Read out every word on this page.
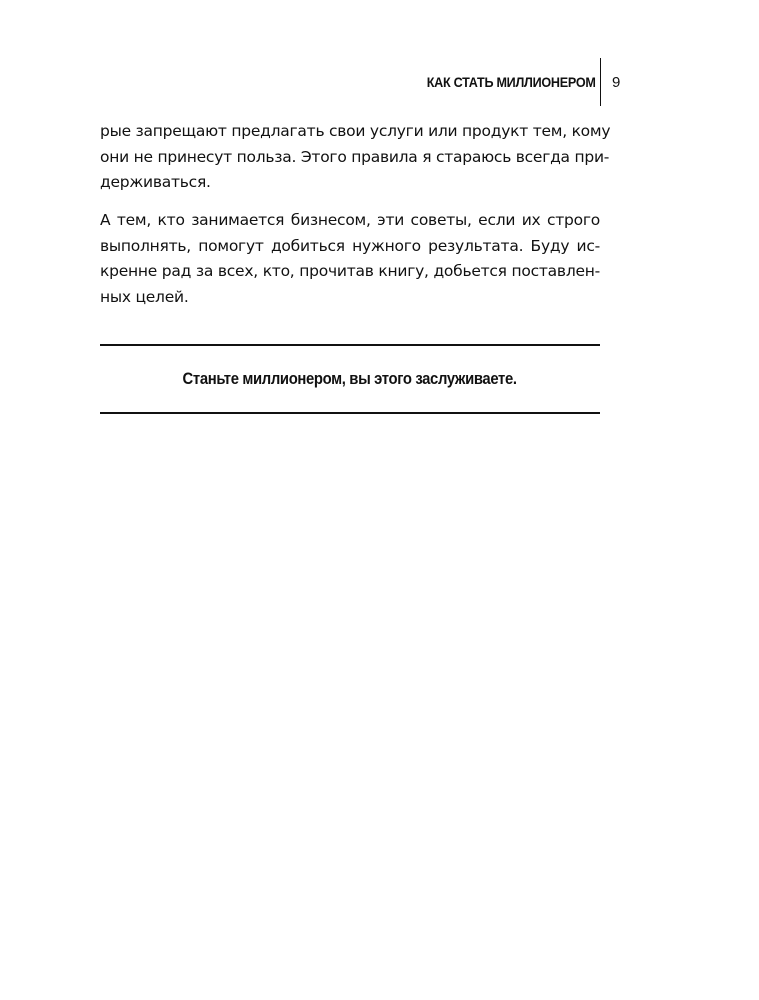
КАК СТАТЬ МИЛЛИОНЕРОМ 9
рые запрещают предлагать свои услуги или продукт тем, кому
они не принесут польза. Этого правила я стараюсь всегда при-
держиваться.
А тем, кто занимается бизнесом, эти советы, если их строго
выполнять, помогут добиться нужного результата. Буду ис-
кренне рад за всех, кто, прочитав книгу, добьется поставлен-
ных целей.
Станьте миллионером, вы этого заслуживаете.
